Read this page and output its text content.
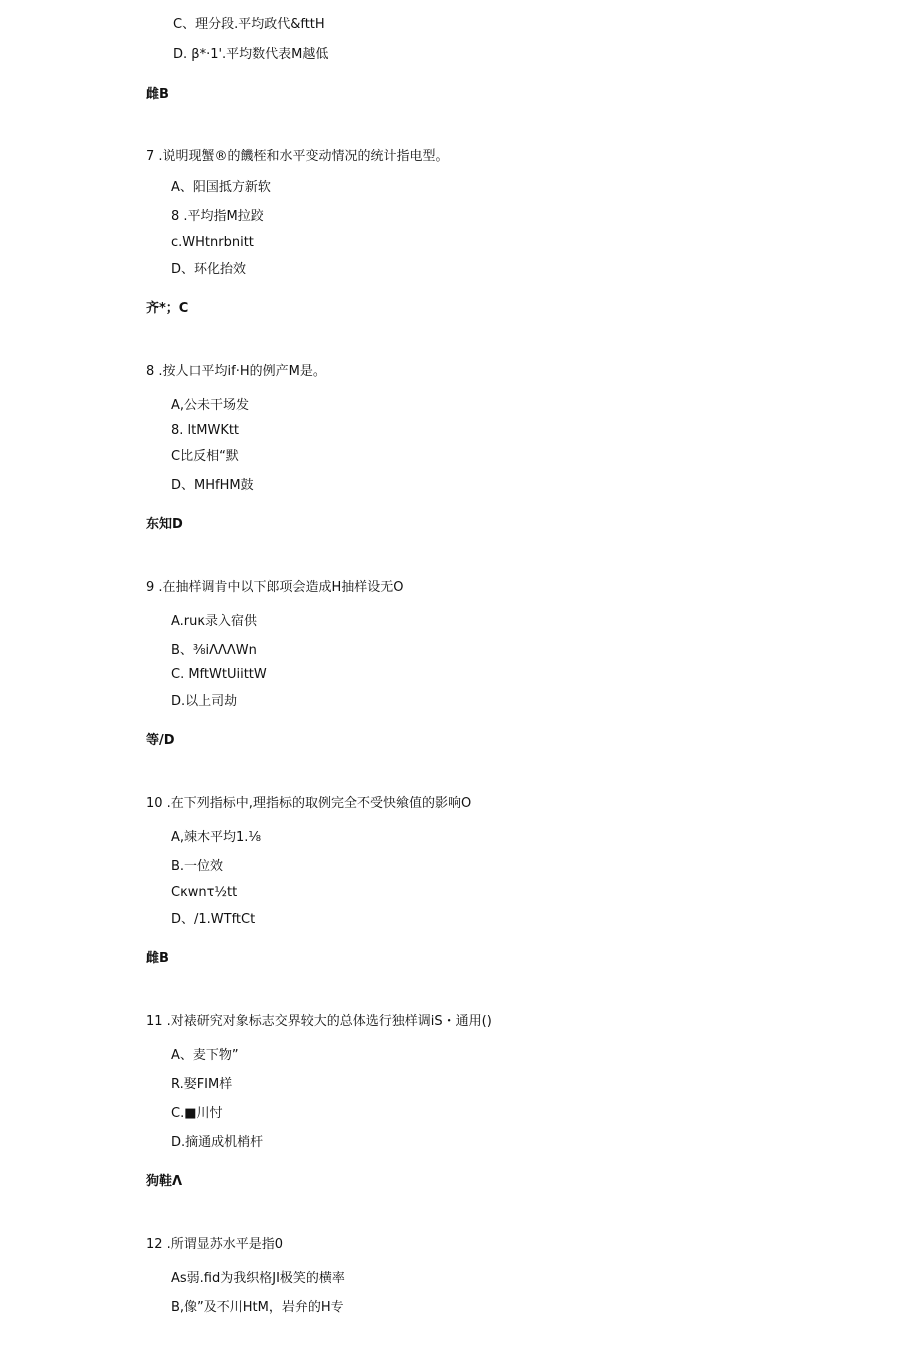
C、理分段.平均政代&fttH
D. β*·1'.平均数代表M越低
雌B
7 .说明现蟹®的饑桎和水平变动情况的统计指电型。
A、阳国抵方新软
8 .平均指M拉跤
c.WHtnrbnitt
D、环化抬效
齐*；C
8 .按人口平均if·H的例产M是。
A,公未干场发
8. ltMWKtt
C比反相“默
D、MHfHM鼓
东知D
9 .在抽样调肯中以下郎项会造成H抽样设无O
A.ruκ录入宿供
B、⅜iΛΛΛWn
C. MftWtUiittW
D.以上司劫
等/D
10 .在下列指标中,理指标的取例完全不受快飨值的影响O
A,竦木平均1.⅛
B.一位效
Cκwnτ½tt
D、/1.WTftCt
雌B
11 .对裱研究对象标志交界较大的总体选行独样调iS・通用()
A、麦下物”
R.娶FIM样
C.■川忖
D.摘通成机梢杆
狗鞋Λ
12 .所谓显苏水平是指0
As弱.fid为我织格JI极笑的横率
B,像”及不川HtM，岩弁的H专
